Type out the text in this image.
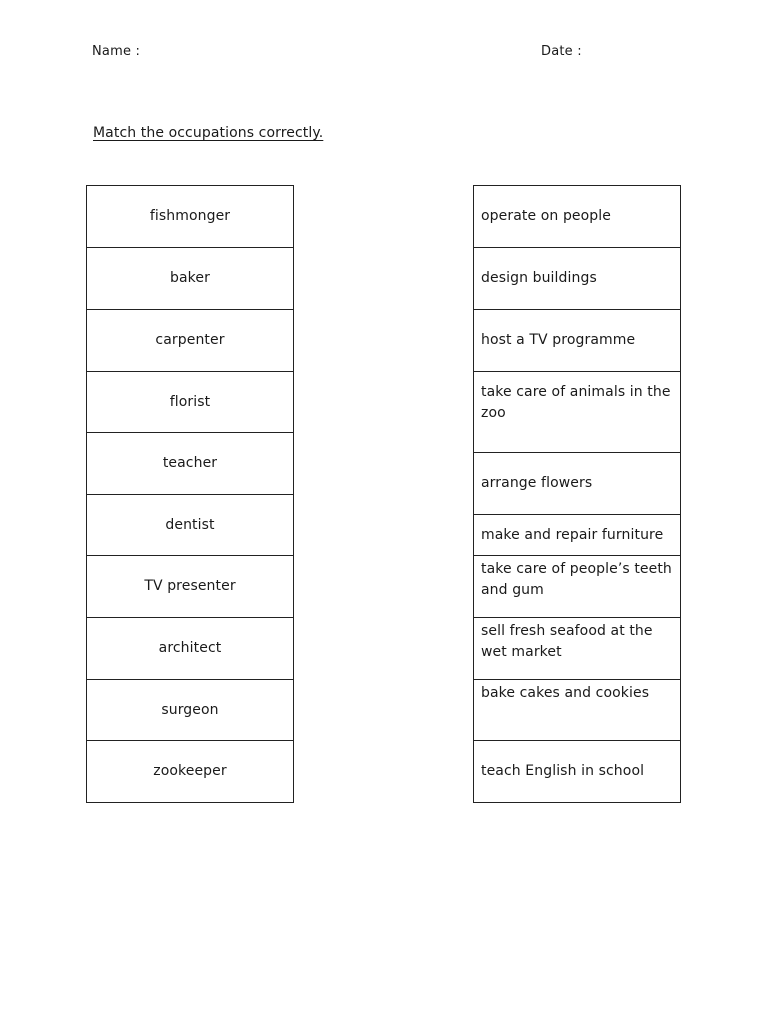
Name :	Date :
Match the occupations correctly.
fishmonger
baker
carpenter
florist
teacher
dentist
TV presenter
architect
surgeon
zookeeper
operate on people
design buildings
host a TV programme
take care of animals in the zoo
arrange flowers
make and repair furniture
take care of people’s teeth and gum
sell fresh seafood at the wet market
bake cakes and cookies
teach English in school
